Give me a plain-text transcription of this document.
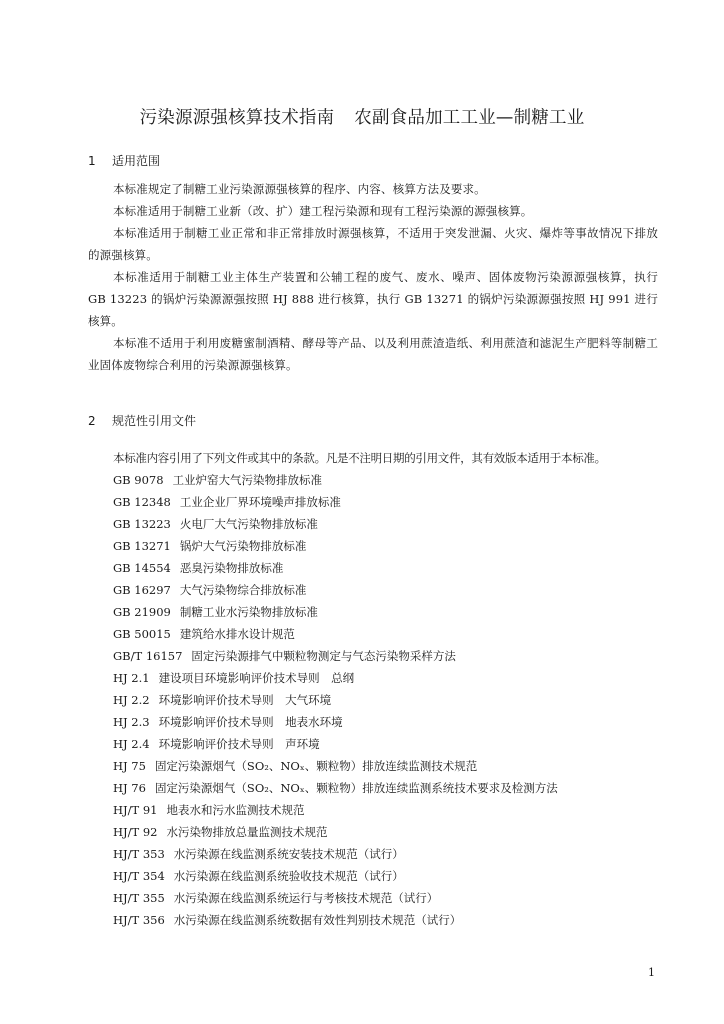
污染源源强核算技术指南 农副食品加工工业—制糖工业
1 适用范围
本标准规定了制糖工业污染源源强核算的程序、内容、核算方法及要求。
本标准适用于制糖工业新（改、扩）建工程污染源和现有工程污染源的源强核算。
本标准适用于制糖工业正常和非正常排放时源强核算，不适用于突发泄漏、火灾、爆炸等事故情况下排放的源强核算。
本标准适用于制糖工业主体生产装置和公辅工程的废气、废水、噪声、固体废物污染源源强核算，执行 GB 13223 的锅炉污染源源强按照 HJ 888 进行核算，执行 GB 13271 的锅炉污染源源强按照 HJ 991 进行核算。
本标准不适用于利用废糖蜜制酒精、酵母等产品、以及利用蔗渣造纸、利用蔗渣和滤泥生产肥料等制糖工业固体废物综合利用的污染源源强核算。
2 规范性引用文件
本标准内容引用了下列文件或其中的条款。凡是不注明日期的引用文件，其有效版本适用于本标准。
GB 9078 工业炉窑大气污染物排放标准
GB 12348 工业企业厂界环境噪声排放标准
GB 13223 火电厂大气污染物排放标准
GB 13271 锅炉大气污染物排放标准
GB 14554 恶臭污染物排放标准
GB 16297 大气污染物综合排放标准
GB 21909 制糖工业水污染物排放标准
GB 50015 建筑给水排水设计规范
GB/T 16157 固定污染源排气中颗粒物测定与气态污染物采样方法
HJ 2.1 建设项目环境影响评价技术导则　总纲
HJ 2.2 环境影响评价技术导则　大气环境
HJ 2.3 环境影响评价技术导则　地表水环境
HJ 2.4 环境影响评价技术导则　声环境
HJ 75 固定污染源烟气（SO₂、NOₓ、颗粒物）排放连续监测技术规范
HJ 76 固定污染源烟气（SO₂、NOₓ、颗粒物）排放连续监测系统技术要求及检测方法
HJ/T 91 地表水和污水监测技术规范
HJ/T 92 水污染物排放总量监测技术规范
HJ/T 353 水污染源在线监测系统安装技术规范（试行）
HJ/T 354 水污染源在线监测系统验收技术规范（试行）
HJ/T 355 水污染源在线监测系统运行与考核技术规范（试行）
HJ/T 356 水污染源在线监测系统数据有效性判别技术规范（试行）
1
